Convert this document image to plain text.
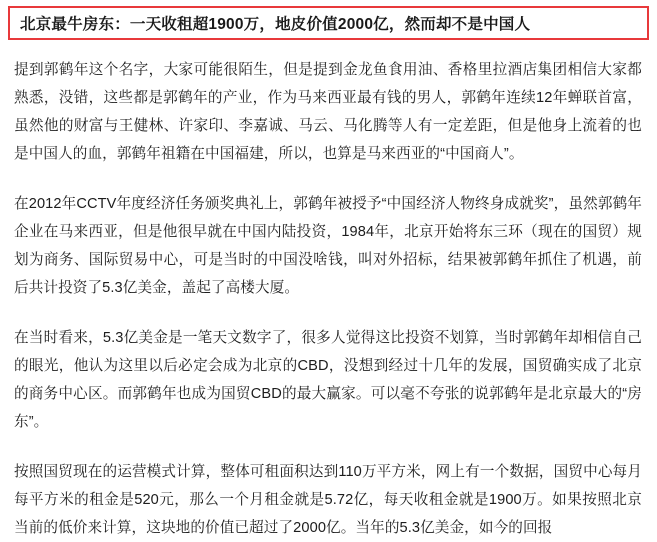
北京最牛房东：一天收租超1900万，地皮价值2000亿，然而却不是中国人

提到郭鹤年这个名字，大家可能很陌生，但是提到金龙鱼食用油、香格里拉酒店集团相信大家都熟悉，没错，这些都是郭鹤年的产业，作为马来西亚最有钱的男人，郭鹤年连续12年蝉联首富，虽然他的财富与王健林、许家印、李嘉诚、马云、马化腾等人有一定差距，但是他身上流着的也是中国人的血，郭鹤年祖籍在中国福建，所以，也算是马来西亚的“中国商人”。

在2012年CCTV年度经济任务颁奖典礼上，郭鹤年被授予“中国经济人物终身成就奖”，虽然郭鹤年企业在马来西亚，但是他很早就在中国内陆投资，1984年，北京开始将东三环（现在的国贸）规划为商务、国际贸易中心，可是当时的中国没啥钱，叫对外招标，结果被郭鹤年抓住了机遇，前后共计投资了5.3亿美金，盖起了高楼大厦。

在当时看来，5.3亿美金是一笔天文数字了，很多人觉得这比投资不划算，当时郭鹤年却相信自己的眼光，他认为这里以后必定会成为北京的CBD，没想到经过十几年的发展，国贸确实成了北京的商务中心区。而郭鹤年也成为国贸CBD的最大赢家。可以毫不夸张的说郭鹤年是北京最大的“房东”。

按照国贸现在的运营模式计算，整体可租面积达到110万平方米，网上有一个数据，国贸中心每月每平方米的租金是520元，那么一个月租金就是5.72亿，每天收租金就是1900万。如果按照北京当前的低价来计算，这块地的价值已超过了2000亿。当年的5.3亿美金，如今的回报
